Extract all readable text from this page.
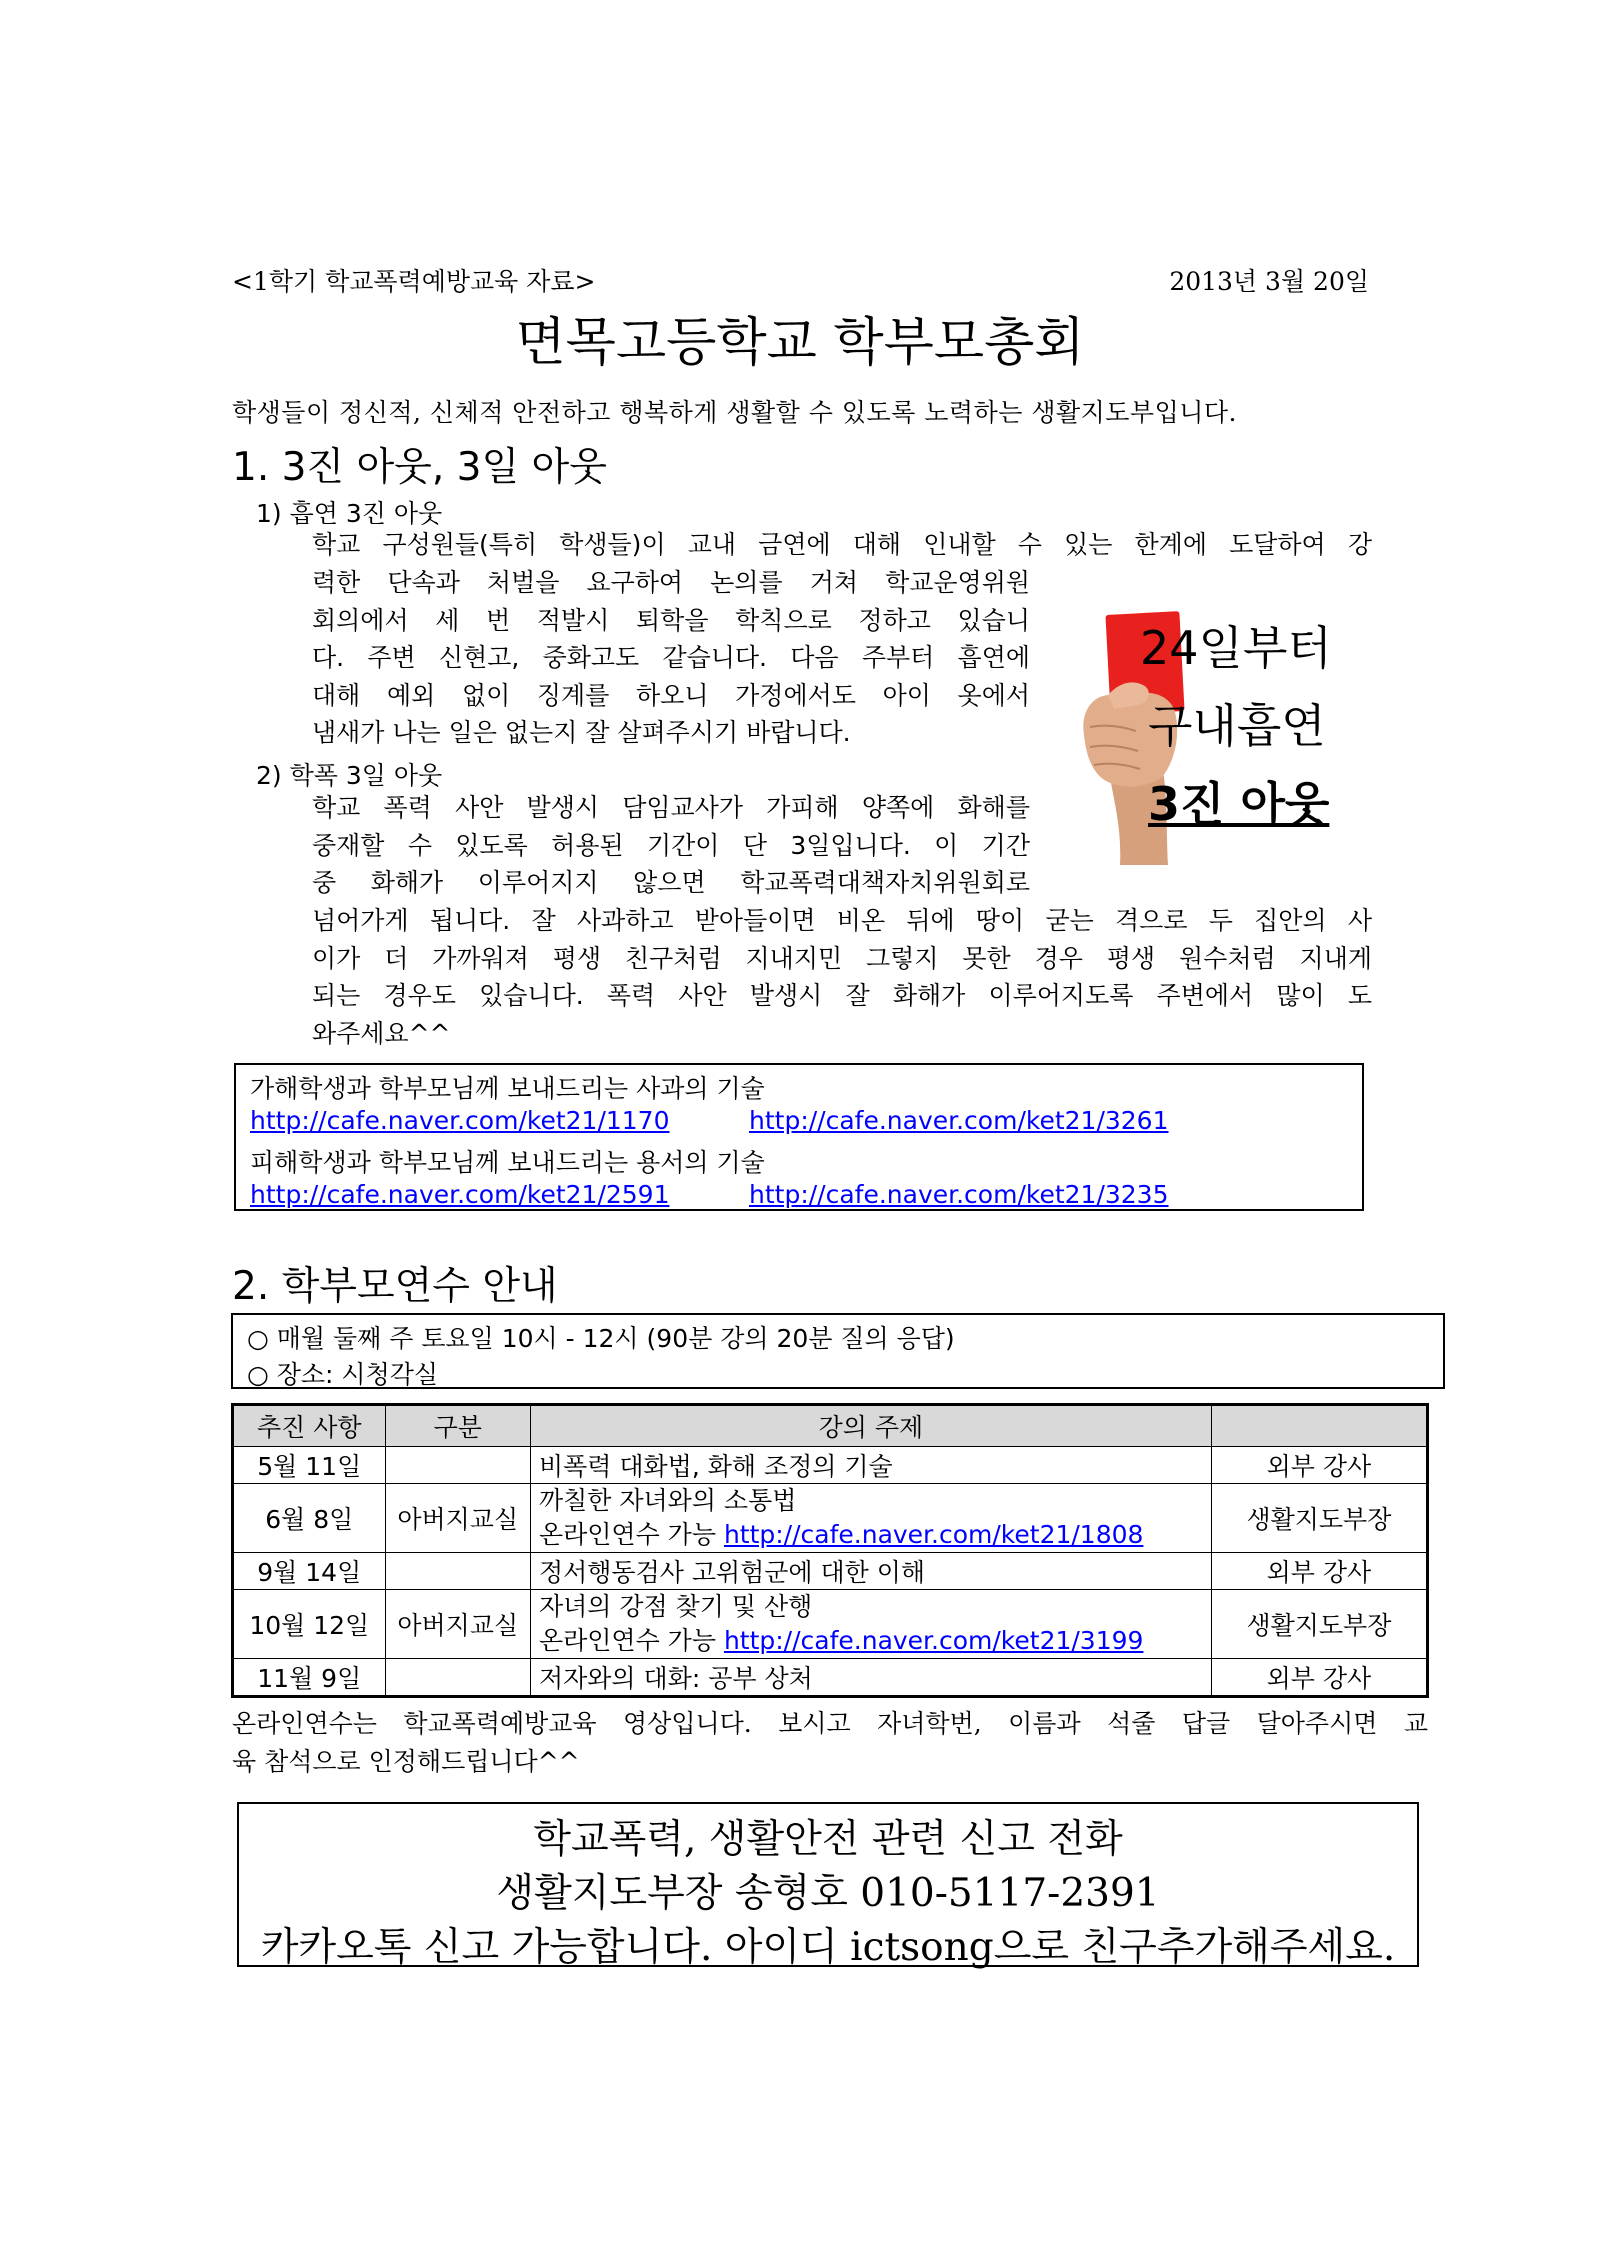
<1학기 학교폭력예방교육 자료>	2013년 3월 20일
면목고등학교 학부모총회
학생들이 정신적, 신체적 안전하고 행복하게 생활할 수 있도록 노력하는 생활지도부입니다.
1. 3진 아웃, 3일 아웃
1) 흡연 3진 아웃
학교 구성원들(특히 학생들)이 교내 금연에 대해 인내할 수 있는 한계에 도달하여 강
력한 단속과 처벌을 요구하여 논의를 거쳐 학교운영위원
회의에서 세 번 적발시 퇴학을 학칙으로 정하고 있습니
다. 주변 신현고, 중화고도 같습니다. 다음 주부터 흡연에
대해 예외 없이 징계를 하오니 가정에서도 아이 옷에서
냄새가 나는 일은 없는지 잘 살펴주시기 바랍니다.
2) 학폭 3일 아웃
학교 폭력 사안 발생시 담임교사가 가피해 양쪽에 화해를
중재할 수 있도록 허용된 기간이 단 3일입니다. 이 기간
중 화해가 이루어지지 않으면 학교폭력대책자치위원회로
넘어가게 됩니다. 잘 사과하고 받아들이면 비온 뒤에 땅이 굳는 격으로 두 집안의 사
이가 더 가까워져 평생 친구처럼 지내지민 그렇지 못한 경우 평생 원수처럼 지내게
되는 경우도 있습니다. 폭력 사안 발생시 잘 화해가 이루어지도록 주변에서 많이 도
와주세요^^
24일부터
구내흡연
3진 아웃
가해학생과 학부모님께 보내드리는 사과의 기술
http://cafe.naver.com/ket21/1170	http://cafe.naver.com/ket21/3261
피해학생과 학부모님께 보내드리는 용서의 기술
http://cafe.naver.com/ket21/2591	http://cafe.naver.com/ket21/3235
2. 학부모연수 안내
○ 매월 둘째 주 토요일 10시 - 12시 (90분 강의 20분 질의 응답)
○ 장소: 시청각실
추진 사항	구분	강의 주제	
5월 11일		비폭력 대화법, 화해 조정의 기술	외부 강사
6월 8일	아버지교실	까칠한 자녀와의 소통법
온라인연수 가능 http://cafe.naver.com/ket21/1808	생활지도부장
9월 14일		정서행동검사 고위험군에 대한 이해	외부 강사
10월 12일	아버지교실	자녀의 강점 찾기 및 산행
온라인연수 가능 http://cafe.naver.com/ket21/3199	생활지도부장
11월 9일		저자와의 대화: 공부 상처	외부 강사
온라인연수는 학교폭력예방교육 영상입니다. 보시고 자녀학번, 이름과 석줄 답글 달아주시면 교
육 참석으로 인정해드립니다^^
학교폭력, 생활안전 관련 신고 전화
생활지도부장 송형호 010-5117-2391
카카오톡 신고 가능합니다. 아이디 ictsong으로 친구추가해주세요.
